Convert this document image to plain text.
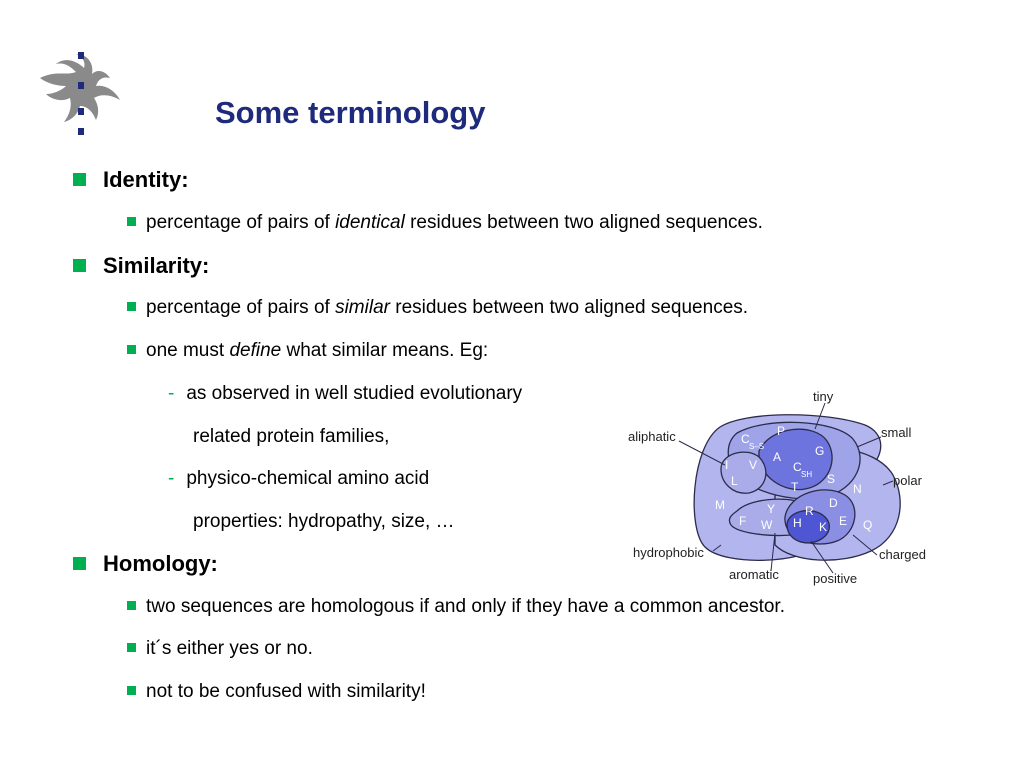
Some terminology
Identity:
percentage of pairs of identical residues between two aligned sequences.
Similarity:
percentage of pairs of similar residues between two aligned sequences.
one must define what similar means. Eg:
- as observed in well studied evolutionary
related protein families,
- physico-chemical amino acid
properties: hydropathy, size, …
Homology:
two sequences are homologous if and only if they have a common ancestor.
it´s either yes or no.
not to be confused with similarity!
tiny
small
aliphatic
polar
hydrophobic	charged
aromatic	positive
C
S–S
P
G
I V
A
C
SH S
L	T	N
M	D
Y R
E
F W H K	Q
